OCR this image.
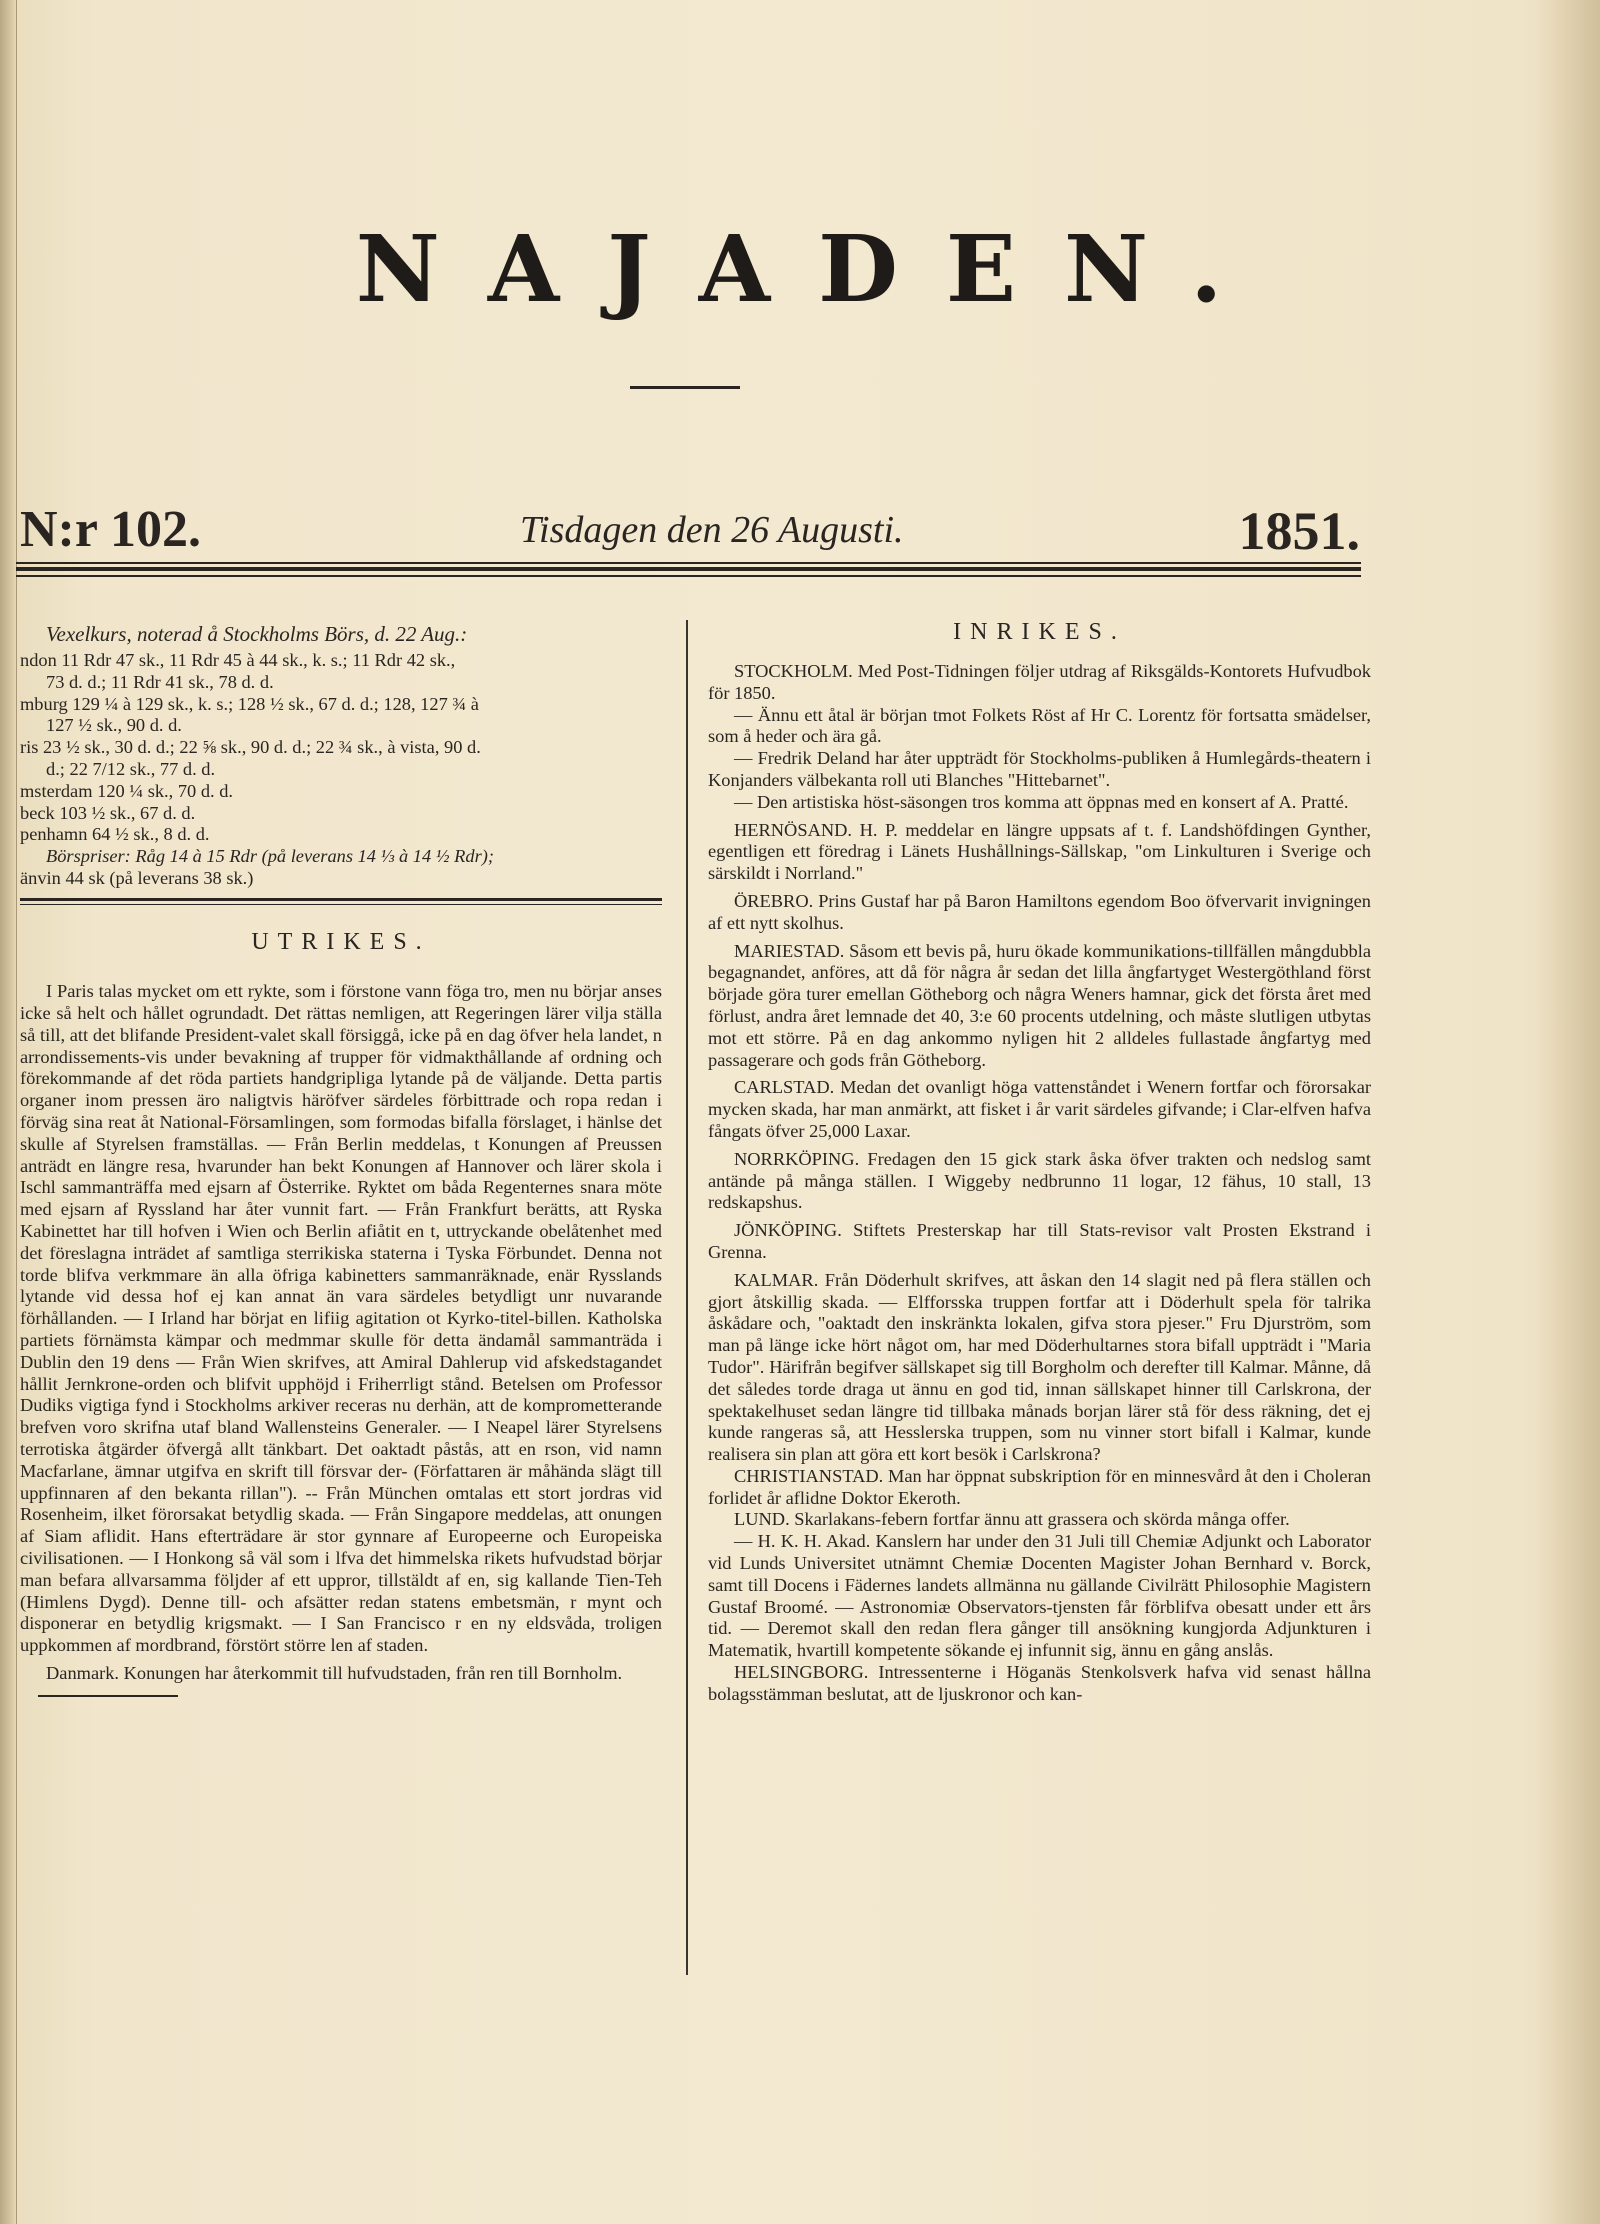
NAJADEN.
N:r 102.	Tisdagen den 26 Augusti.	1851.

Vexelkurs, noterad å Stockholms Börs, d. 22 Aug.:

ndon 11 Rdr 47 sk., 11 Rdr 45 à 44 sk., k. s.; 11 Rdr 42 sk.,

73 d. d.; 11 Rdr 41 sk., 78 d. d.

mburg 129 ¼ à 129 sk., k. s.; 128 ½ sk., 67 d. d.; 128, 127 ¾ à

127 ½ sk., 90 d. d.

ris 23 ½ sk., 30 d. d.; 22 ⅝ sk., 90 d. d.; 22 ¾ sk., à vista, 90 d.

d.; 22 7/12 sk., 77 d. d.

msterdam 120 ¼ sk., 70 d. d.

beck 103 ½ sk., 67 d. d.

penhamn 64 ½ sk., 8 d. d.

Börspriser: Råg 14 à 15 Rdr (på leverans 14 ⅓ à 14 ½ Rdr);

änvin 44 sk (på leverans 38 sk.)

UTRIKES.

I Paris talas mycket om ett rykte, som i förstone vann föga tro, men nu börjar anses icke så helt och hållet ogrundadt. Det rättas nemligen, att Regeringen lärer vilja ställa så till, att det blifande President-valet skall försiggå, icke på en dag öfver hela landet, n arrondissements-vis under bevakning af trupper för vidmakthållande af ordning och förekommande af det röda partiets handgripliga lytande på de väljande. Detta partis organer inom pressen äro naligtvis häröfver särdeles förbittrade och ropa redan i förväg sina reat åt National-Församlingen, som formodas bifalla förslaget, i hänlse det skulle af Styrelsen framställas. — Från Berlin meddelas, t Konungen af Preussen anträdt en längre resa, hvarunder han bekt Konungen af Hannover och lärer skola i Ischl sammanträffa med ejsarn af Österrike. Ryktet om båda Regenternes snara möte med ejsarn af Ryssland har åter vunnit fart. — Från Frankfurt berätts, att Ryska Kabinettet har till hofven i Wien och Berlin afiåtit en t, uttryckande obelåtenhet med det föreslagna inträdet af samtliga sterrikiska staterna i Tyska Förbundet. Denna not torde blifva verkmmare än alla öfriga kabinetters sammanräknade, enär Rysslands lytande vid dessa hof ej kan annat än vara särdeles betydligt unr nuvarande förhållanden. — I Irland har börjat en lifiig agitation ot Kyrko-titel-billen. Katholska partiets förnämsta kämpar och medmmar skulle för detta ändamål sammanträda i Dublin den 19 dens — Från Wien skrifves, att Amiral Dahlerup vid afskedstagandet hållit Jernkrone-orden och blifvit upphöjd i Friherrligt stånd. Betelsen om Professor Dudiks vigtiga fynd i Stockholms arkiver receras nu derhän, att de komprometterande brefven voro skrifna utaf bland Wallensteins Generaler. — I Neapel lärer Styrelsens terrotiska åtgärder öfvergå allt tänkbart. Det oaktadt påstås, att en rson, vid namn Macfarlane, ämnar utgifva en skrift till försvar der- (Författaren är måhända slägt till uppfinnaren af den bekanta rillan"). -- Från München omtalas ett stort jordras vid Rosenheim, ilket förorsakat betydlig skada. — Från Singapore meddelas, att onungen af Siam aflidit. Hans efterträdare är stor gynnare af Europeerne och Europeiska civilisationen. — I Honkong så väl som i lfva det himmelska rikets hufvudstad börjar man befara allvarsamma följder af ett uppror, tillstäldt af en, sig kallande Tien-Teh (Himlens Dygd). Denne till- och afsätter redan statens embetsmän, r mynt och disponerar en betydlig krigsmakt. — I San Francisco r en ny eldsvåda, troligen uppkommen af mordbrand, förstört större len af staden.

Danmark. Konungen har återkommit till hufvudstaden, från ren till Bornholm.

INRIKES.

STOCKHOLM. Med Post-Tidningen följer utdrag af Riksgälds-Kontorets Hufvudbok för 1850.

— Ännu ett åtal är början tmot Folkets Röst af Hr C. Lorentz för fortsatta smädelser, som å heder och ära gå.

— Fredrik Deland har åter uppträdt för Stockholms-publiken å Humlegårds-theatern i Konjanders välbekanta roll uti Blanches "Hittebarnet".

— Den artistiska höst-säsongen tros komma att öppnas med en konsert af A. Pratté.

HERNÖSAND. H. P. meddelar en längre uppsats af t. f. Landshöfdingen Gynther, egentligen ett föredrag i Länets Hushållnings-Sällskap, "om Linkulturen i Sverige och särskildt i Norrland."

ÖREBRO. Prins Gustaf har på Baron Hamiltons egendom Boo öfvervarit invigningen af ett nytt skolhus.

MARIESTAD. Såsom ett bevis på, huru ökade kommunikations-tillfällen mångdubbla begagnandet, anföres, att då för några år sedan det lilla ångfartyget Westergöthland först började göra turer emellan Götheborg och några Weners hamnar, gick det första året med förlust, andra året lemnade det 40, 3:e 60 procents utdelning, och måste slutligen utbytas mot ett större. På en dag ankommo nyligen hit 2 alldeles fullastade ångfartyg med passagerare och gods från Götheborg.

CARLSTAD. Medan det ovanligt höga vattenståndet i Wenern fortfar och förorsakar mycken skada, har man anmärkt, att fisket i år varit särdeles gifvande; i Clar-elfven hafva fångats öfver 25,000 Laxar.

NORRKÖPING. Fredagen den 15 gick stark åska öfver trakten och nedslog samt antände på många ställen. I Wiggeby nedbrunno 11 logar, 12 fähus, 10 stall, 13 redskapshus.

JÖNKÖPING. Stiftets Presterskap har till Stats-revisor valt Prosten Ekstrand i Grenna.

KALMAR. Från Döderhult skrifves, att åskan den 14 slagit ned på flera ställen och gjort åtskillig skada. — Elfforsska truppen fortfar att i Döderhult spela för talrika åskådare och, "oaktadt den inskränkta lokalen, gifva stora pjeser." Fru Djurström, som man på länge icke hört något om, har med Döderhultarnes stora bifall uppträdt i "Maria Tudor". Härifrån begifver sällskapet sig till Borgholm och derefter till Kalmar. Månne, då det således torde draga ut ännu en god tid, innan sällskapet hinner till Carlskrona, der spektakelhuset sedan längre tid tillbaka månads borjan lärer stå för dess räkning, det ej kunde rangeras så, att Hesslerska truppen, som nu vinner stort bifall i Kalmar, kunde realisera sin plan att göra ett kort besök i Carlskrona?

CHRISTIANSTAD. Man har öppnat subskription för en minnesvård åt den i Choleran forlidet år aflidne Doktor Ekeroth.

LUND. Skarlakans-febern fortfar ännu att grassera och skörda många offer.

— H. K. H. Akad. Kanslern har under den 31 Juli till Chemiæ Adjunkt och Laborator vid Lunds Universitet utnämnt Chemiæ Docenten Magister Johan Bernhard v. Borck, samt till Docens i Fädernes landets allmänna nu gällande Civilrätt Philosophie Magistern Gustaf Broomé. — Astronomiæ Observators-tjensten får förblifva obesatt under ett års tid. — Deremot skall den redan flera gånger till ansökning kungjorda Adjunkturen i Matematik, hvartill kompetente sökande ej infunnit sig, ännu en gång anslås.

HELSINGBORG. Intressenterne i Höganäs Stenkolsverk hafva vid senast hållna bolagsstämman beslutat, att de ljuskronor och kan-
